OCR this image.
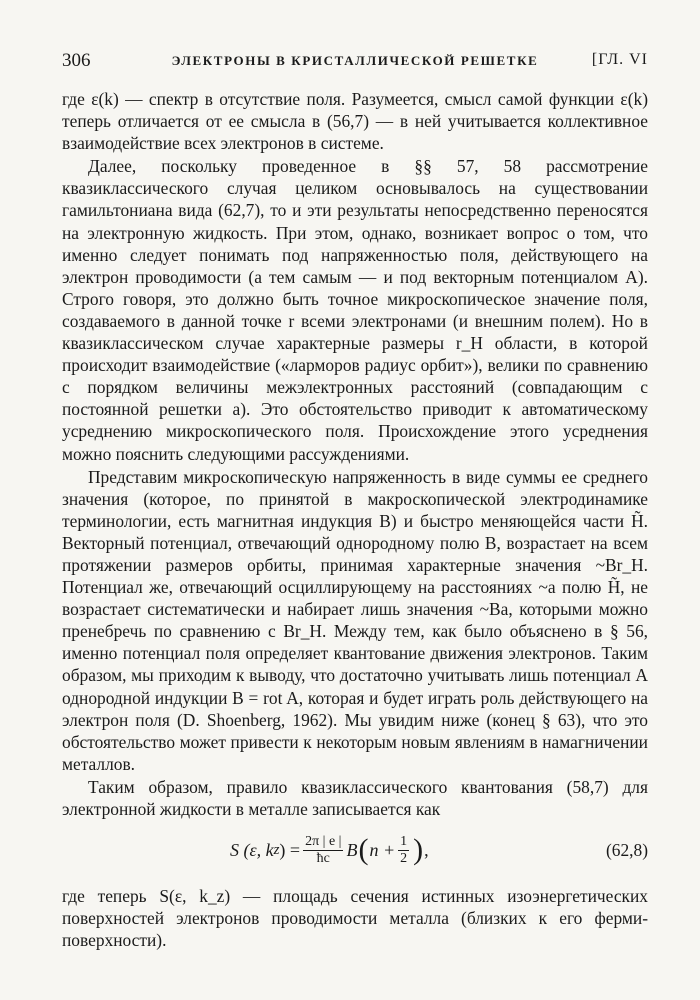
306	ЭЛЕКТРОНЫ В КРИСТАЛЛИЧЕСКОЙ РЕШЕТКЕ	[ГЛ. VI

где ε(k) — спектр в отсутствие поля. Разумеется, смысл самой функции ε(k) теперь отличается от ее смысла в (56,7) — в ней учитывается коллективное взаимодействие всех электронов в системе.

Далее, поскольку проведенное в §§ 57, 58 рассмотрение квазиклассического случая целиком основывалось на существовании гамильтониана вида (62,7), то и эти результаты непосредственно переносятся на электронную жидкость. При этом, однако, возникает вопрос о том, что именно следует понимать под напряженностью поля, действующего на электрон проводимости (а тем самым — и под векторным потенциалом A). Строго говоря, это должно быть точное микроскопическое значение поля, создаваемого в данной точке r всеми электронами (и внешним полем). Но в квазиклассическом случае характерные размеры r_H области, в которой происходит взаимодействие («ларморов радиус орбит»), велики по сравнению с порядком величины межэлектронных расстояний (совпадающим с постоянной решетки a). Это обстоятельство приводит к автоматическому усреднению микроскопического поля. Происхождение этого усреднения можно пояснить следующими рассуждениями.

Представим микроскопическую напряженность в виде суммы ее среднего значения (которое, по принятой в макроскопической электродинамике терминологии, есть магнитная индукция B) и быстро меняющейся части H̃. Векторный потенциал, отвечающий однородному полю B, возрастает на всем протяжении размеров орбиты, принимая характерные значения ~Br_H. Потенциал же, отвечающий осциллирующему на расстояниях ~a полю H̃, не возрастает систематически и набирает лишь значения ~Ba, которыми можно пренебречь по сравнению с Br_H. Между тем, как было объяснено в § 56, именно потенциал поля определяет квантование движения электронов. Таким образом, мы приходим к выводу, что достаточно учитывать лишь потенциал A однородной индукции B = rot A, которая и будет играть роль действующего на электрон поля (D. Shoenberg, 1962). Мы увидим ниже (конец § 63), что это обстоятельство может привести к некоторым новым явлениям в намагничении металлов.

Таким образом, правило квазиклассического квантования (58,7) для электронной жидкости в металле записывается как

S (ε, k z ) = $\frac{2\pi | e |}{ħc}$ B ( $n + \frac{1}{2}$ ) ,	(62,8)

где теперь S(ε, k_z) — площадь сечения истинных изоэнергетических поверхностей электронов проводимости металла (близких к его ферми-поверхности).
